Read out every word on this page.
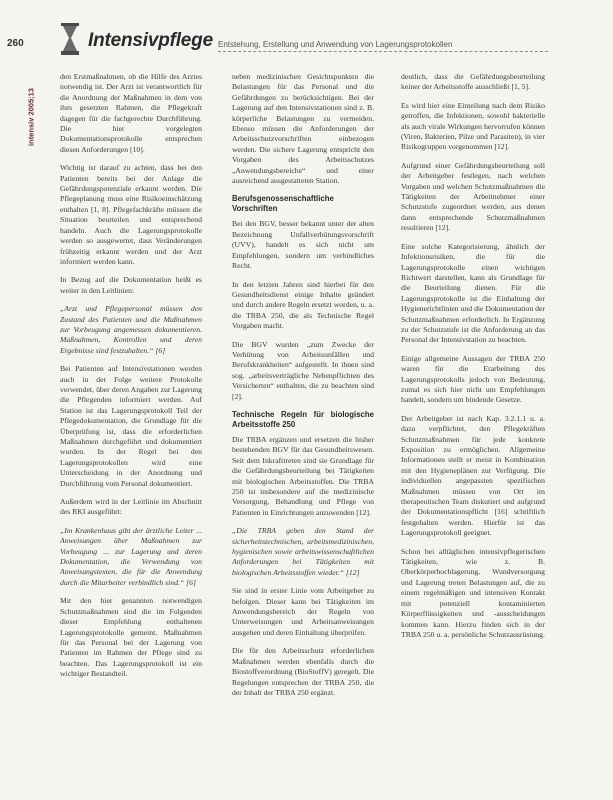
260	Intensivpflege Entstehung, Erstellung und Anwendung von Lagerungsprotokollen
intensiv 2005;13

den Erstmaßnahmen, ob die Hilfe des Arztes notwendig ist. Der Arzt ist verantwortlich für die Anordnung der Maßnahmen in dem von ihm gesetzten Rahmen, die Pflegekraft dagegen für die fachgerechte Durchführung. Die hier vorgelegten Dokumentationsprotokolle entsprechen diesen Anforderungen [10].

Wichtig ist darauf zu achten, dass bei den Patienten bereits bei der Anlage die Gefährdungspotenziale erkannt werden. Die Pflegeplanung muss eine Risikoeinschätzung enthalten [1, 8]. Pflegefachkräfte müssen die Situation beurteilen und entsprechend handeln. Auch die Lagerungsprotokolle werden so ausgewertet, dass Veränderungen frühzeitig erkannt werden und der Arzt informiert werden kann.

In Bezug auf die Dokumentation heißt es weiter in den Leitlinien:

„Arzt und Pflegepersonal müssen den Zustand des Patienten und die Maßnahmen zur Vorbeugung angemessen dokumentieren. Maßnahmen, Kontrollen und deren Ergebnisse sind festzuhalten.“ [6]

Bei Patienten auf Intensivstationen werden auch in der Folge weitere Protokolle verwendet, über deren Angaben zur Lagerung die Pflegenden informiert werden. Auf Station ist das Lagerungsprotokoll Teil der Pflegedokumentation, die Grundlage für die Überprüfung ist, dass die erforderlichen Maßnahmen durchgeführt und dokumentiert wurden. In der Regel bei den Lagerungsprotokollen wird eine Unterscheidung in der Anordnung und Durchführung vom Personal dokumentiert.

Außerdem wird in der Leitlinie im Abschnitt des RKI ausgeführt:

„Im Krankenhaus gibt der ärztliche Leiter ... Anweisungen über Maßnahmen zur Vorbeugung ... zur Lagerung und deren Dokumentation, die Verwendung von Anweisungstexten, die für die Anwendung durch die Mitarbeiter verbindlich sind.“ [6]

Mit den hier genannten notwendigen Schutzmaßnahmen sind die im Folgenden dieser Empfehlung enthaltenen Lagerungsprotokolle gemeint. Maßnahmen für das Personal bei der Lagerung von Patienten im Rahmen der Pflege sind zu beachten. Das Lagerungsprotokoll ist ein wichtiger Bestandteil.

neben medizinischen Gesichtspunkten die Belastungen für das Personal und die Gefährdungen zu berücksichtigen. Bei der Lagerung auf den Intensivstationen sind z. B. körperliche Belastungen zu vermeiden. Ebenso müssen die Anforderungen der Arbeitsschutzvorschriften einbezogen werden. Die sichere Lagerung entspricht den Vorgaben des Arbeitsschutzes „Anwendungsbereiche“ und einer ausreichend ausgestatteten Station.

Berufsgenossenschaftliche Vorschriften

Bei den BGV, besser bekannt unter der alten Bezeichnung Unfallverhütungsvorschrift (UVV), handelt es sich nicht um Empfehlungen, sondern um verbindliches Recht.

In den letzten Jahren sind hierbei für den Gesundheitsdienst einige Inhalte geändert und durch andere Regeln ersetzt worden, u. a. die TRBA 250, die als Technische Regel Vorgaben macht.

Die BGV wurden „zum Zwecke der Verhütung von Arbeitsunfällen und Berufskrankheiten“ aufgestellt. In ihnen sind sog. „arbeitsverträgliche Nebenpflichten des Versicherten“ enthalten, die zu beachten sind [2].

Technische Regeln für biologische Arbeitsstoffe 250

Die TRBA ergänzen und ersetzen die bisher bestehenden BGV für das Gesundheitswesen. Seit dem Inkrafttreten sind sie Grundlage für die Gefährdungsbeurteilung bei Tätigkeiten mit biologischen Arbeitsstoffen. Die TRBA 250 ist insbesondere auf die medizinische Versorgung, Behandlung und Pflege von Patienten in Einrichtungen anzuwenden [12].

„Die TRBA geben den Stand der sicherheitstechnischen, arbeitsmedizinischen, hygienischen sowie arbeitswissenschaftlichen Anforderungen bei Tätigkeiten mit biologischen Arbeitsstoffen wieder.“ [12]

Sie sind in erster Linie vom Arbeitgeber zu befolgen. Dieser kann bei Tätigkeiten im Anwendungsbereich der Regeln von Unterweisungen und Arbeitsanweisungen ausgehen und deren Einhaltung überprüfen.

Die für den Arbeitsschutz erforderlichen Maßnahmen werden ebenfalls durch die Biostoffverordnung (BioStoffV) geregelt. Die Regelungen entsprechen der TRBA 250, die der Inhalt der TRBA 250 ergänzt.

deutlich, dass die Gefährdungsbeurteilung keiner der Arbeitsstoffe ausschließt [1, 5].

Es wird hier eine Einteilung nach dem Risiko getroffen, die Infektionen, sowohl bakterielle als auch virale Wirkungen hervorrufen können (Viren, Bakterien, Pilze und Parasiten), in vier Risikogruppen vorgenommen [12].

Aufgrund einer Gefährdungsbeurteilung soll der Arbeitgeber festlegen, nach welchen Vorgaben und welchen Schutzmaßnahmen die Tätigkeiten der Arbeitnehmer einer Schutzstufe zugeordnet werden, aus denen dann entsprechende Schutzmaßnahmen resultieren [12].

Eine solche Kategorisierung, ähnlich der Infektionsrisiken, die für die Lagerungsprotokolle einen wichtigen Richtwert darstellen, kann als Grundlage für die Beurteilung dienen. Für die Lagerungsprotokolle ist die Einhaltung der Hygienerichtlinien und die Dokumentation der Schutzmaßnahmen erforderlich. In Ergänzung zu der Schutzstufe ist die Anforderung an das Personal der Intensivstation zu beachten.

Einige allgemeine Aussagen der TRBA 250 waren für die Erarbeitung des Lagerungsprotokolls jedoch von Bedeutung, zumal es sich hier nicht um Empfehlungen handelt, sondern um bindende Gesetze.

Der Arbeitgeber ist nach Kap. 3.2.1.1 u. a. dazu verpflichtet, den Pflegekräften Schutzmaßnahmen für jede konkrete Exposition zu ermöglichen. Allgemeine Informationen stellt er meist in Kombination mit den Hygieneplänen zur Verfügung. Die individuellen angepassten spezifischen Maßnahmen müssen von Ort im therapeutischen Team diskutiert und aufgrund der Dokumentationspflicht [16] schriftlich festgehalten werden. Hierfür ist das Lagerungsprotokoll geeignet.

Schon bei alltäglichen intensivpflegerischen Tätigkeiten, wie z. B. Oberkörperhochlagerung, Wundversorgung und Lagerung treten Belastungen auf, die zu einem regelmäßigen und intensiven Kontakt mit potenziell kontaminierten Körperflüssigkeiten und -ausscheidungen kommen kann. Hierzu finden sich in der TRBA 250 u. a. persönliche Schutzausrüstung.
